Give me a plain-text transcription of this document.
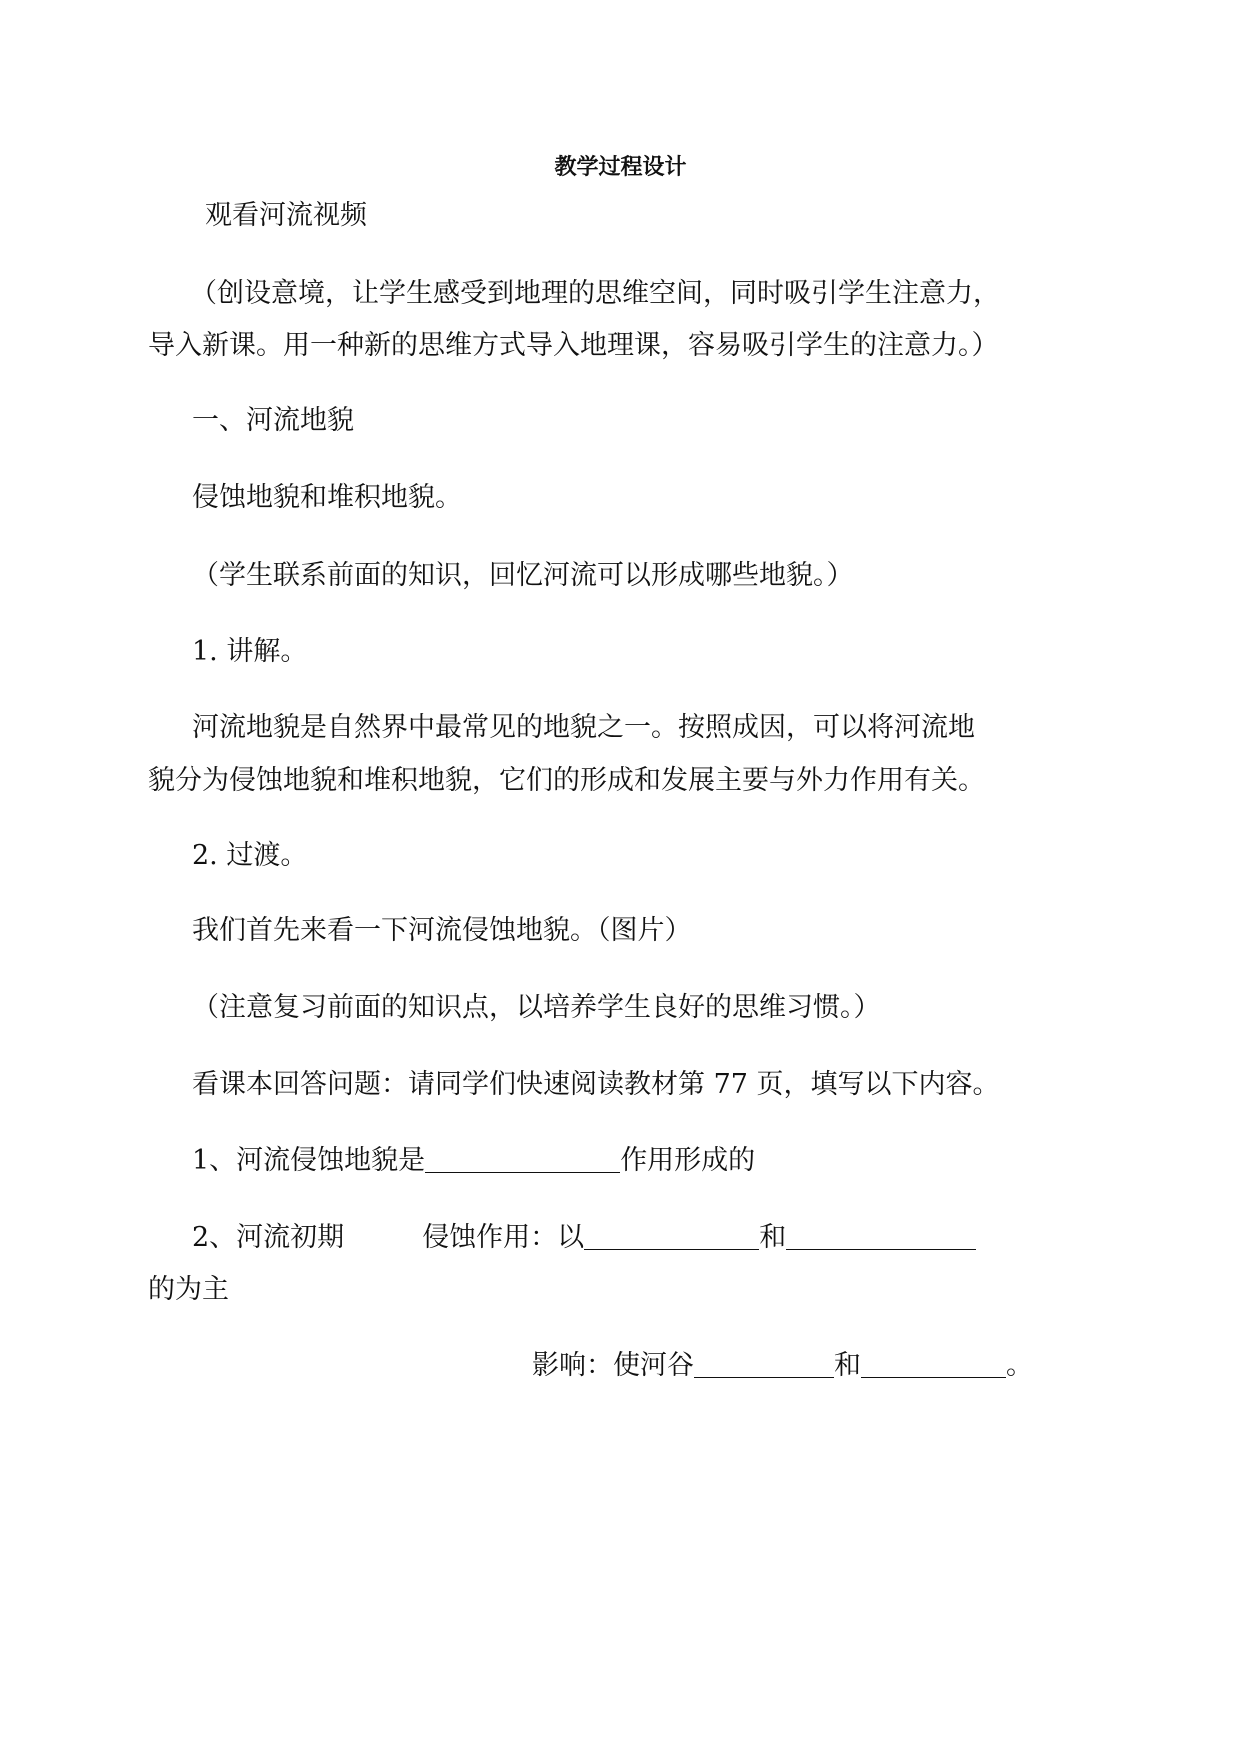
教学过程设计
观看河流视频
（创设意境，让学生感受到地理的思维空间，同时吸引学生注意力，
导入新课。用一种新的思维方式导入地理课，容易吸引学生的注意力。）
一、河流地貌
侵蚀地貌和堆积地貌。
（学生联系前面的知识，回忆河流可以形成哪些地貌。）
1. 讲解。
河流地貌是自然界中最常见的地貌之一。按照成因，可以将河流地
貌分为侵蚀地貌和堆积地貌，它们的形成和发展主要与外力作用有关。
2. 过渡。
我们首先来看一下河流侵蚀地貌。（图片）
（注意复习前面的知识点，以培养学生良好的思维习惯。）
看课本回答问题：请同学们快速阅读教材第 77 页，填写以下内容。
1、河流侵蚀地貌是	作用形成的
2、河流初期	侵蚀作用：以	和
的为主
影响：使河谷	和	。
